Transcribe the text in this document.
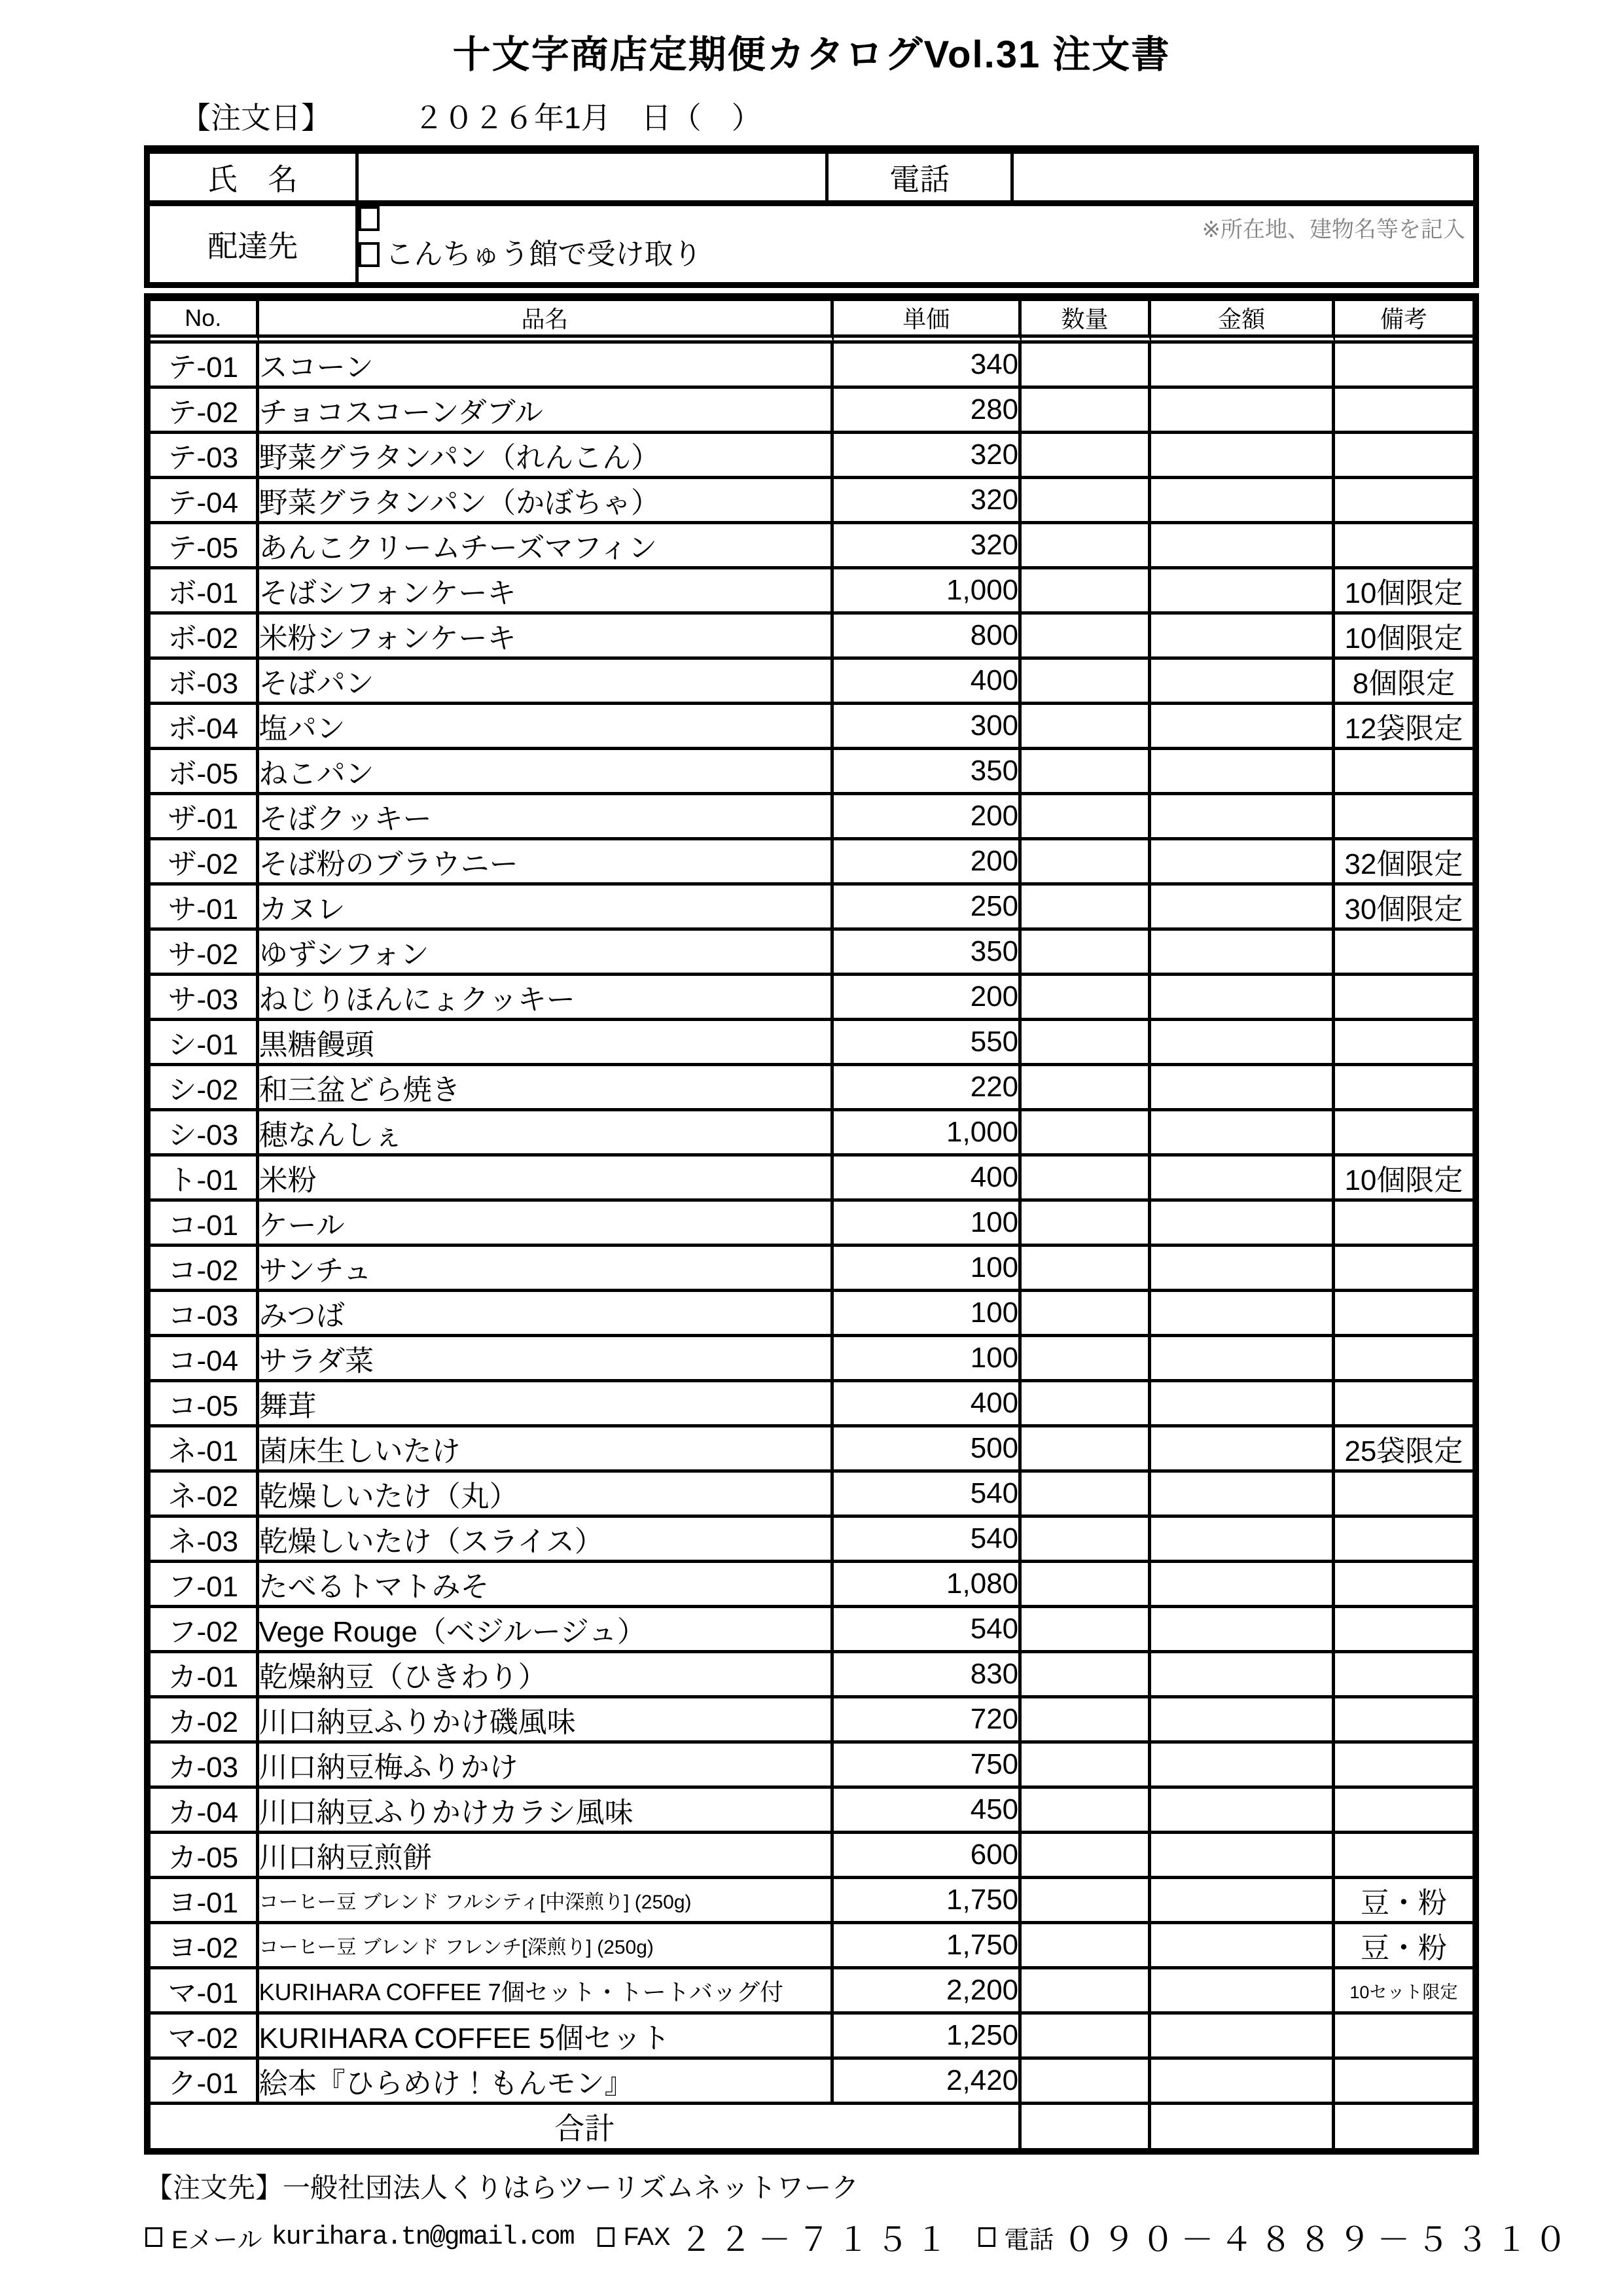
十文字商店定期便カタログVol.31 注文書
【注文日】	２０２６年1月　日（　）
氏　名		電話	
配達先	※所在地、建物名等を記入
こんちゅう館で受け取り		
No.	品名	単価	数量	金額	備考
テ-01	スコーン	340			
テ-02	チョコスコーンダブル	280			
テ-03	野菜グラタンパン（れんこん）	320			
テ-04	野菜グラタンパン（かぼちゃ）	320			
テ-05	あんこクリームチーズマフィン	320			
ボ-01	そばシフォンケーキ	1,000			10個限定
ボ-02	米粉シフォンケーキ	800			10個限定
ボ-03	そばパン	400			8個限定
ボ-04	塩パン	300			12袋限定
ボ-05	ねこパン	350			
ザ-01	そばクッキー	200			
ザ-02	そば粉のブラウニー	200			32個限定
サ-01	カヌレ	250			30個限定
サ-02	ゆずシフォン	350			
サ-03	ねじりほんにょクッキー	200			
シ-01	黒糖饅頭	550			
シ-02	和三盆どら焼き	220			
シ-03	穂なんしぇ	1,000			
ト-01	米粉	400			10個限定
コ-01	ケール	100			
コ-02	サンチュ	100			
コ-03	みつば	100			
コ-04	サラダ菜	100			
コ-05	舞茸	400			
ネ-01	菌床生しいたけ	500			25袋限定
ネ-02	乾燥しいたけ（丸）	540			
ネ-03	乾燥しいたけ（スライス）	540			
フ-01	たべるトマトみそ	1,080			
フ-02	Vege Rouge（ベジルージュ）	540			
カ-01	乾燥納豆（ひきわり）	830			
カ-02	川口納豆ふりかけ磯風味	720			
カ-03	川口納豆梅ふりかけ	750			
カ-04	川口納豆ふりかけカラシ風味	450			
カ-05	川口納豆煎餅	600			
ヨ-01	コーヒー豆 ブレンド フルシティ[中深煎り] (250g)	1,750			豆・粉
ヨ-02	コーヒー豆 ブレンド フレンチ[深煎り] (250g)	1,750			豆・粉
マ-01	KURIHARA COFFEE 7個セット・トートバッグ付	2,200			10セット限定
マ-02	KURIHARA COFFEE 5個セット	1,250			
ク-01	絵本『ひらめけ！もんモン』	2,420			
合計					
【注文先】一般社団法人くりはらツーリズムネットワーク
Eメール kurihara.tn@gmail.com FAX ２２－７１５１ 電話 ０９０－４８８９－５３１０
